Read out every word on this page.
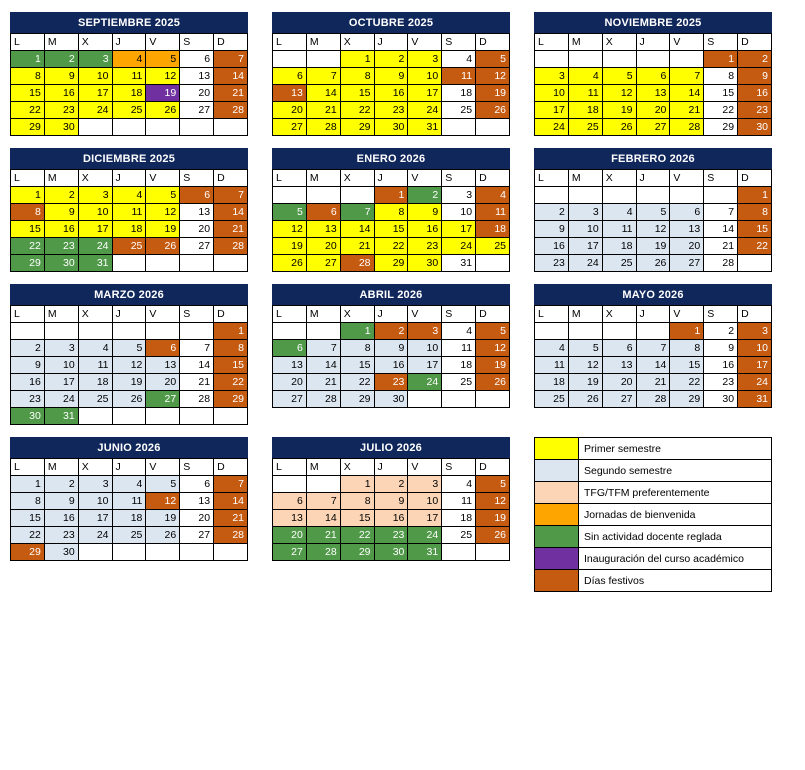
SEPTIEMBRE 2025
L	M	X	J	V	S	D
1	2	3	4	5	6	7
8	9	10	11	12	13	14
15	16	17	18	19	20	21
22	23	24	25	26	27	28
29	30					
OCTUBRE 2025
L	M	X	J	V	S	D
		1	2	3	4	5
6	7	8	9	10	11	12
13	14	15	16	17	18	19
20	21	22	23	24	25	26
27	28	29	30	31		
NOVIEMBRE 2025
L	M	X	J	V	S	D
					1	2
3	4	5	6	7	8	9
10	11	12	13	14	15	16
17	18	19	20	21	22	23
24	25	26	27	28	29	30
DICIEMBRE 2025
L	M	X	J	V	S	D
1	2	3	4	5	6	7
8	9	10	11	12	13	14
15	16	17	18	19	20	21
22	23	24	25	26	27	28
29	30	31				
ENERO 2026
L	M	X	J	V	S	D
			1	2	3	4
5	6	7	8	9	10	11
12	13	14	15	16	17	18
19	20	21	22	23	24	25
26	27	28	29	30	31	
FEBRERO 2026
L	M	X	J	V	S	D
						1
2	3	4	5	6	7	8
9	10	11	12	13	14	15
16	17	18	19	20	21	22
23	24	25	26	27	28	
MARZO 2026
L	M	X	J	V	S	D
						1
2	3	4	5	6	7	8
9	10	11	12	13	14	15
16	17	18	19	20	21	22
23	24	25	26	27	28	29
30	31					
ABRIL 2026
L	M	X	J	V	S	D
		1	2	3	4	5
6	7	8	9	10	11	12
13	14	15	16	17	18	19
20	21	22	23	24	25	26
27	28	29	30			
MAYO 2026
L	M	X	J	V	S	D
				1	2	3
4	5	6	7	8	9	10
11	12	13	14	15	16	17
18	19	20	21	22	23	24
25	26	27	28	29	30	31
JUNIO 2026
L	M	X	J	V	S	D
1	2	3	4	5	6	7
8	9	10	11	12	13	14
15	16	17	18	19	20	21
22	23	24	25	26	27	28
29	30					
JULIO 2026
L	M	X	J	V	S	D
		1	2	3	4	5
6	7	8	9	10	11	12
13	14	15	16	17	18	19
20	21	22	23	24	25	26
27	28	29	30	31		
	Primer semestre
	Segundo semestre
	TFG/TFM preferentemente
	Jornadas de bienvenida
	Sin actividad docente reglada
	Inauguración del curso académico
	Días festivos
